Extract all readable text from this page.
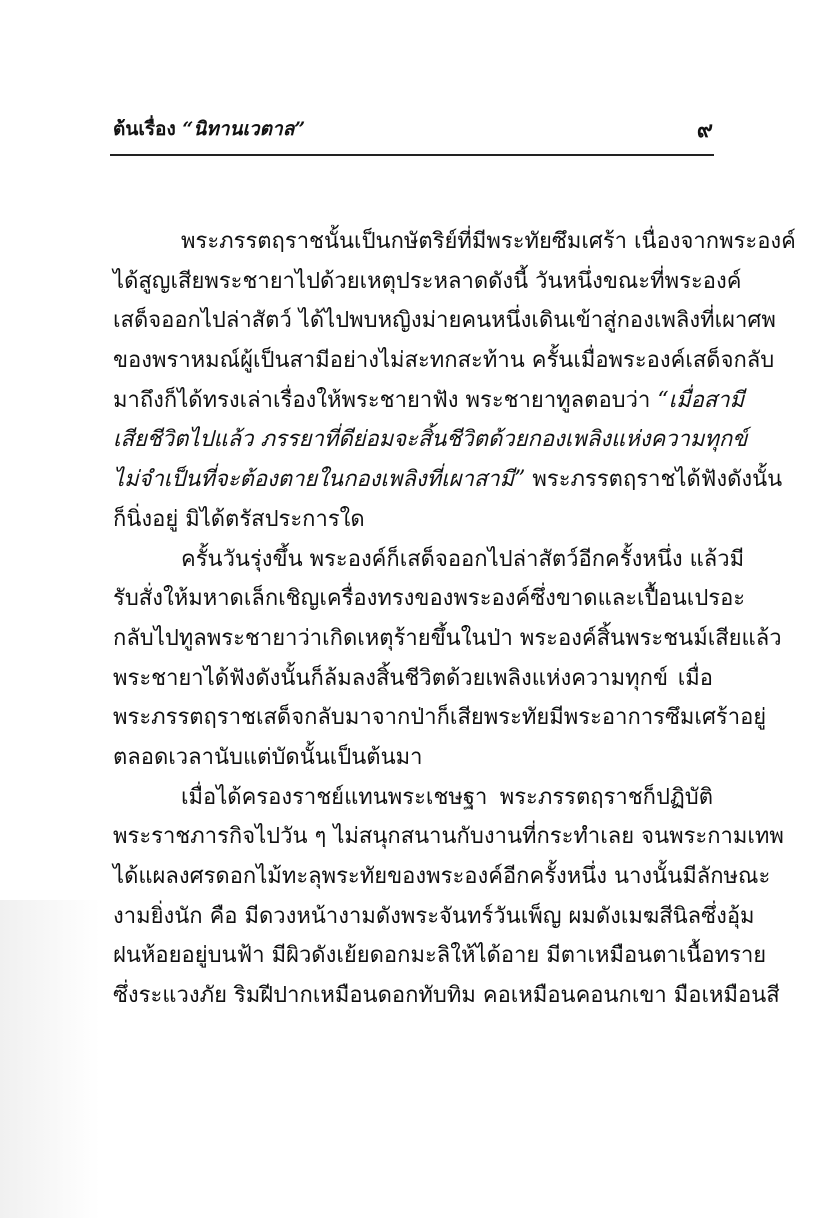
ต้นเรื่อง “นิทานเวตาล”	๙
พระภรรตฤราชนั้นเป็นกษัตริย์ที่มีพระทัยซึมเศร้า เนื่องจากพระองค์
ได้สูญเสียพระชายาไปด้วยเหตุประหลาดดังนี้ วันหนึ่งขณะที่พระองค์
เสด็จออกไปล่าสัตว์ ได้ไปพบหญิงม่ายคนหนึ่งเดินเข้าสู่กองเพลิงที่เผาศพ
ของพราหมณ์ผู้เป็นสามีอย่างไม่สะทกสะท้าน ครั้นเมื่อพระองค์เสด็จกลับ
มาถึงก็ได้ทรงเล่าเรื่องให้พระชายาฟัง พระชายาทูลตอบว่า “เมื่อสามี
เสียชีวิตไปแล้ว ภรรยาที่ดีย่อมจะสิ้นชีวิตด้วยกองเพลิงแห่งความทุกข์
ไม่จำเป็นที่จะต้องตายในกองเพลิงที่เผาสามี” พระภรรตฤราชได้ฟังดังนั้น
ก็นิ่งอยู่ มิได้ตรัสประการใด
ครั้นวันรุ่งขึ้น พระองค์ก็เสด็จออกไปล่าสัตว์อีกครั้งหนึ่ง แล้วมี
รับสั่งให้มหาดเล็กเชิญเครื่องทรงของพระองค์ซึ่งขาดและเปื้อนเปรอะ
กลับไปทูลพระชายาว่าเกิดเหตุร้ายขึ้นในป่า พระองค์สิ้นพระชนม์เสียแล้ว
พระชายาได้ฟังดังนั้นก็ล้มลงสิ้นชีวิตด้วยเพลิงแห่งความทุกข์ เมื่อ
พระภรรตฤราชเสด็จกลับมาจากป่าก็เสียพระทัยมีพระอาการซึมเศร้าอยู่
ตลอดเวลานับแต่บัดนั้นเป็นต้นมา
เมื่อได้ครองราชย์แทนพระเชษฐา พระภรรตฤราชก็ปฏิบัติ
พระราชภารกิจไปวัน ๆ ไม่สนุกสนานกับงานที่กระทำเลย จนพระกามเทพ
ได้แผลงศรดอกไม้ทะลุพระทัยของพระองค์อีกครั้งหนึ่ง นางนั้นมีลักษณะ
งามยิ่งนัก คือ มีดวงหน้างามดังพระจันทร์วันเพ็ญ ผมดังเมฆสีนิลซึ่งอุ้ม
ฝนห้อยอยู่บนฟ้า มีผิวดังเย้ยดอกมะลิให้ได้อาย มีตาเหมือนตาเนื้อทราย
ซึ่งระแวงภัย ริมฝีปากเหมือนดอกทับทิม คอเหมือนคอนกเขา มือเหมือนสี
